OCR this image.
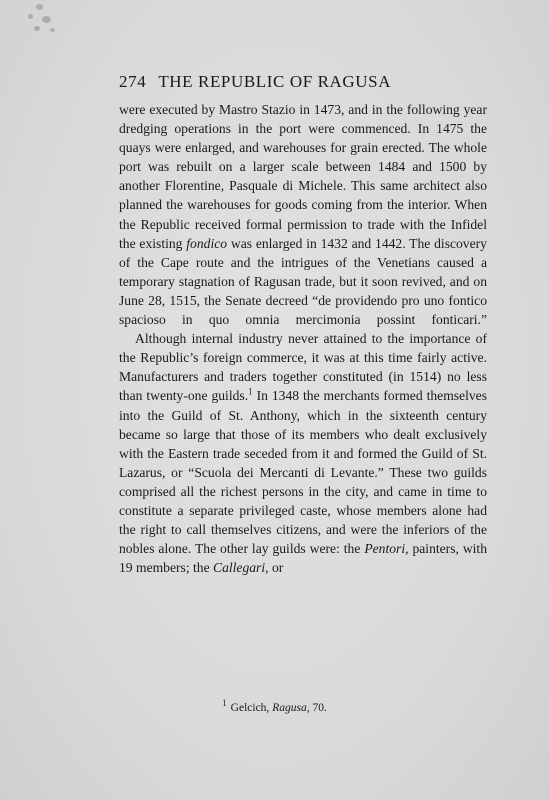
274 THE REPUBLIC OF RAGUSA

were executed by Mastro Stazio in 1473, and in the following year dredging operations in the port were commenced. In 1475 the quays were enlarged, and warehouses for grain erected. The whole port was rebuilt on a larger scale between 1484 and 1500 by another Florentine, Pasquale di Michele. This same architect also planned the warehouses for goods coming from the interior. When the Republic received formal permission to trade with the Infidel the existing fondico was enlarged in 1432 and 1442. The discovery of the Cape route and the intrigues of the Venetians caused a temporary stagnation of Ragusan trade, but it soon revived, and on June 28, 1515, the Senate decreed “de providendo pro uno fontico spacioso in quo omnia mercimonia possint fonticari.”

Although internal industry never attained to the importance of the Republic’s foreign commerce, it was at this time fairly active. Manufacturers and traders together constituted (in 1514) no less than twenty-one guilds.$^1$ In 1348 the merchants formed themselves into the Guild of St. Anthony, which in the sixteenth century became so large that those of its members who dealt exclusively with the Eastern trade seceded from it and formed the Guild of St. Lazarus, or “Scuola dei Mercanti di Levante.” These two guilds comprised all the richest persons in the city, and came in time to constitute a separate privileged caste, whose members alone had the right to call themselves citizens, and were the inferiors of the nobles alone. The other lay guilds were: the Pentori, painters, with 19 members; the Callegari, or

$^1$ Gelcich, Ragusa, 70.
